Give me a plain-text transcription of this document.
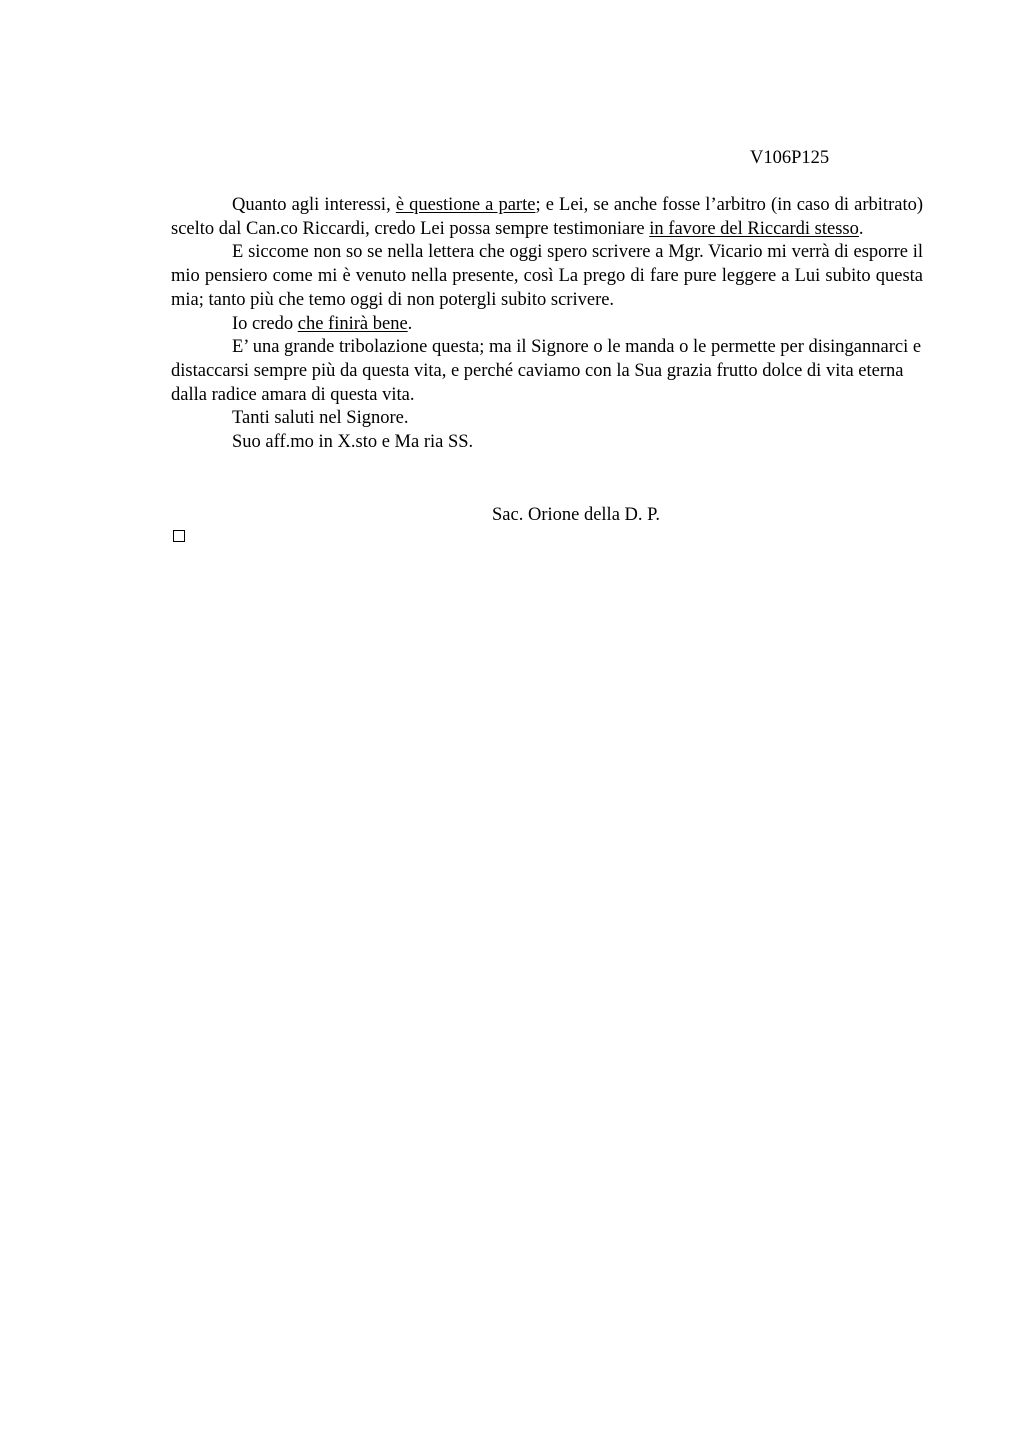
V106P125

Quanto agli interessi, è questione a parte; e Lei, se anche fosse l’arbitro (in caso di arbitrato) scelto dal Can.co Riccardi, credo Lei possa sempre testimoniare in favore del Riccardi stesso.

E siccome non so se nella lettera che oggi spero scrivere a Mgr. Vicario mi verrà di esporre il mio pensiero come mi è venuto nella presente, così La prego di fare pure leggere a Lui subito questa mia; tanto più che temo oggi di non potergli subito scrivere.

Io credo che finirà bene.

E’ una grande tribolazione questa; ma il Signore o le manda o le permette per disingannarci e distaccarsi sempre più da questa vita, e perché caviamo con la Sua grazia frutto dolce di vita eterna dalla radice amara di questa vita.

Tanti saluti nel Signore.

Suo aff.mo in X.sto e Ma ria SS.

Sac. Orione della D. P.
